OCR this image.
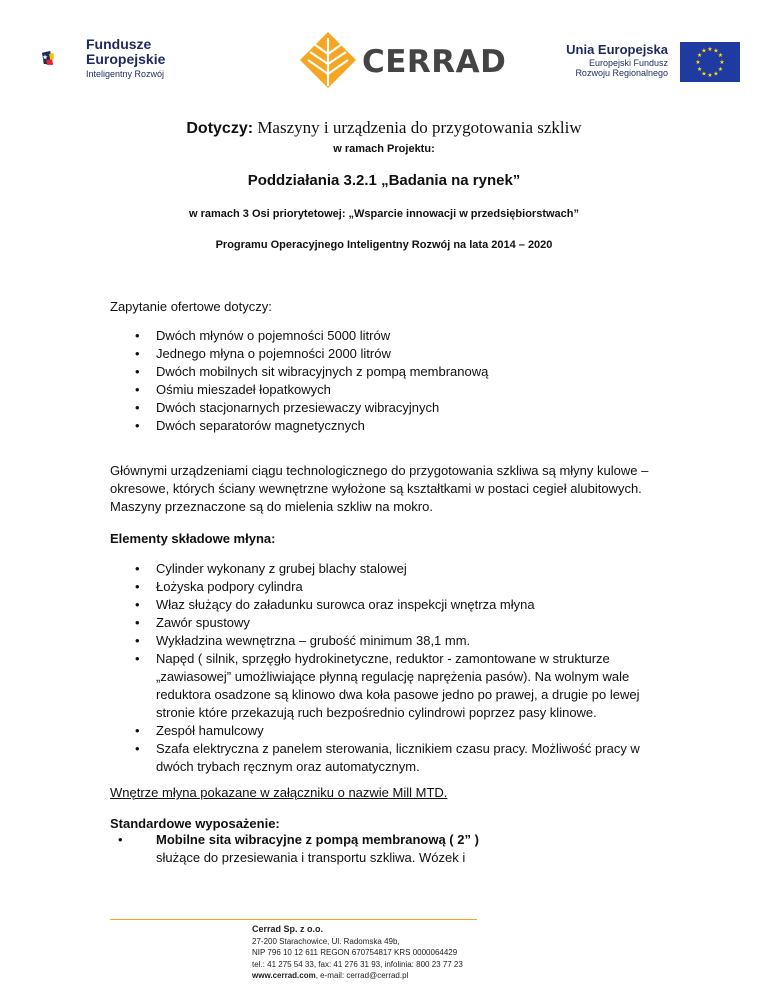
Fundusze
Europejskie
Inteligentny Rozwój	CERRAD	Unia Europejska
Europejski Fundusz
Rozwoju Regionalnego
★ ★
★
★
★
★
★
★
★
★
★
★
Dotyczy: Maszyny i urządzenia do przygotowania szkliw
w ramach Projektu:
Poddziałania 3.2.1 „Badania na rynek”
w ramach 3 Osi priorytetowej: „Wsparcie innowacji w przedsiębiorstwach”
Programu Operacyjnego Inteligentny Rozwój na lata 2014 – 2020
Zapytanie ofertowe dotyczy:
• Dwóch młynów o pojemności 5000 litrów
• Jednego młyna o pojemności 2000 litrów
• Dwóch mobilnych sit wibracyjnych z pompą membranową
• Ośmiu mieszadeł łopatkowych
• Dwóch stacjonarnych przesiewaczy wibracyjnych
• Dwóch separatorów magnetycznych
Głównymi urządzeniami ciągu technologicznego do przygotowania szkliwa są młyny kulowe –okresowe, których ściany wewnętrzne wyłożone są kształtkami w postaci cegieł alubitowych. Maszyny przeznaczone są do mielenia szkliw na mokro.
Elementy składowe młyna:
• Cylinder wykonany z grubej blachy stalowej
• Łożyska podpory cylindra
• Właz służący do załadunku surowca oraz inspekcji wnętrza młyna
• Zawór spustowy
• Wykładzina wewnętrzna – grubość minimum 38,1 mm.
• Napęd ( silnik, sprzęgło hydrokinetyczne, reduktor - zamontowane w strukturze „zawiasowej” umożliwiające płynną regulację naprężenia pasów). Na wolnym wale reduktora osadzone są klinowo dwa koła pasowe jedno po prawej, a drugie po lewej stronie które przekazują ruch bezpośrednio cylindrowi poprzez pasy klinowe.
• Zespół hamulcowy
• Szafa elektryczna z panelem sterowania, licznikiem czasu pracy. Możliwość pracy w dwóch trybach ręcznym oraz automatycznym.
Wnętrze młyna pokazane w załączniku o nazwie Mill MTD.
Standardowe wyposażenie:
•	Mobilne sita wibracyjne z pompą membranową ( 2” )
służące do przesiewania i transportu szkliwa. Wózek i
Cerrad Sp. z o.o.
27-200 Starachowice, Ul. Radomska 49b,
NIP 796 10 12 611 REGON 670754817 KRS 0000064429
tel.: 41 275 54 33, fax: 41 276 31 93, infolinia: 800 23 77 23
www.cerrad.com, e-mail: cerrad@cerrad.pl
